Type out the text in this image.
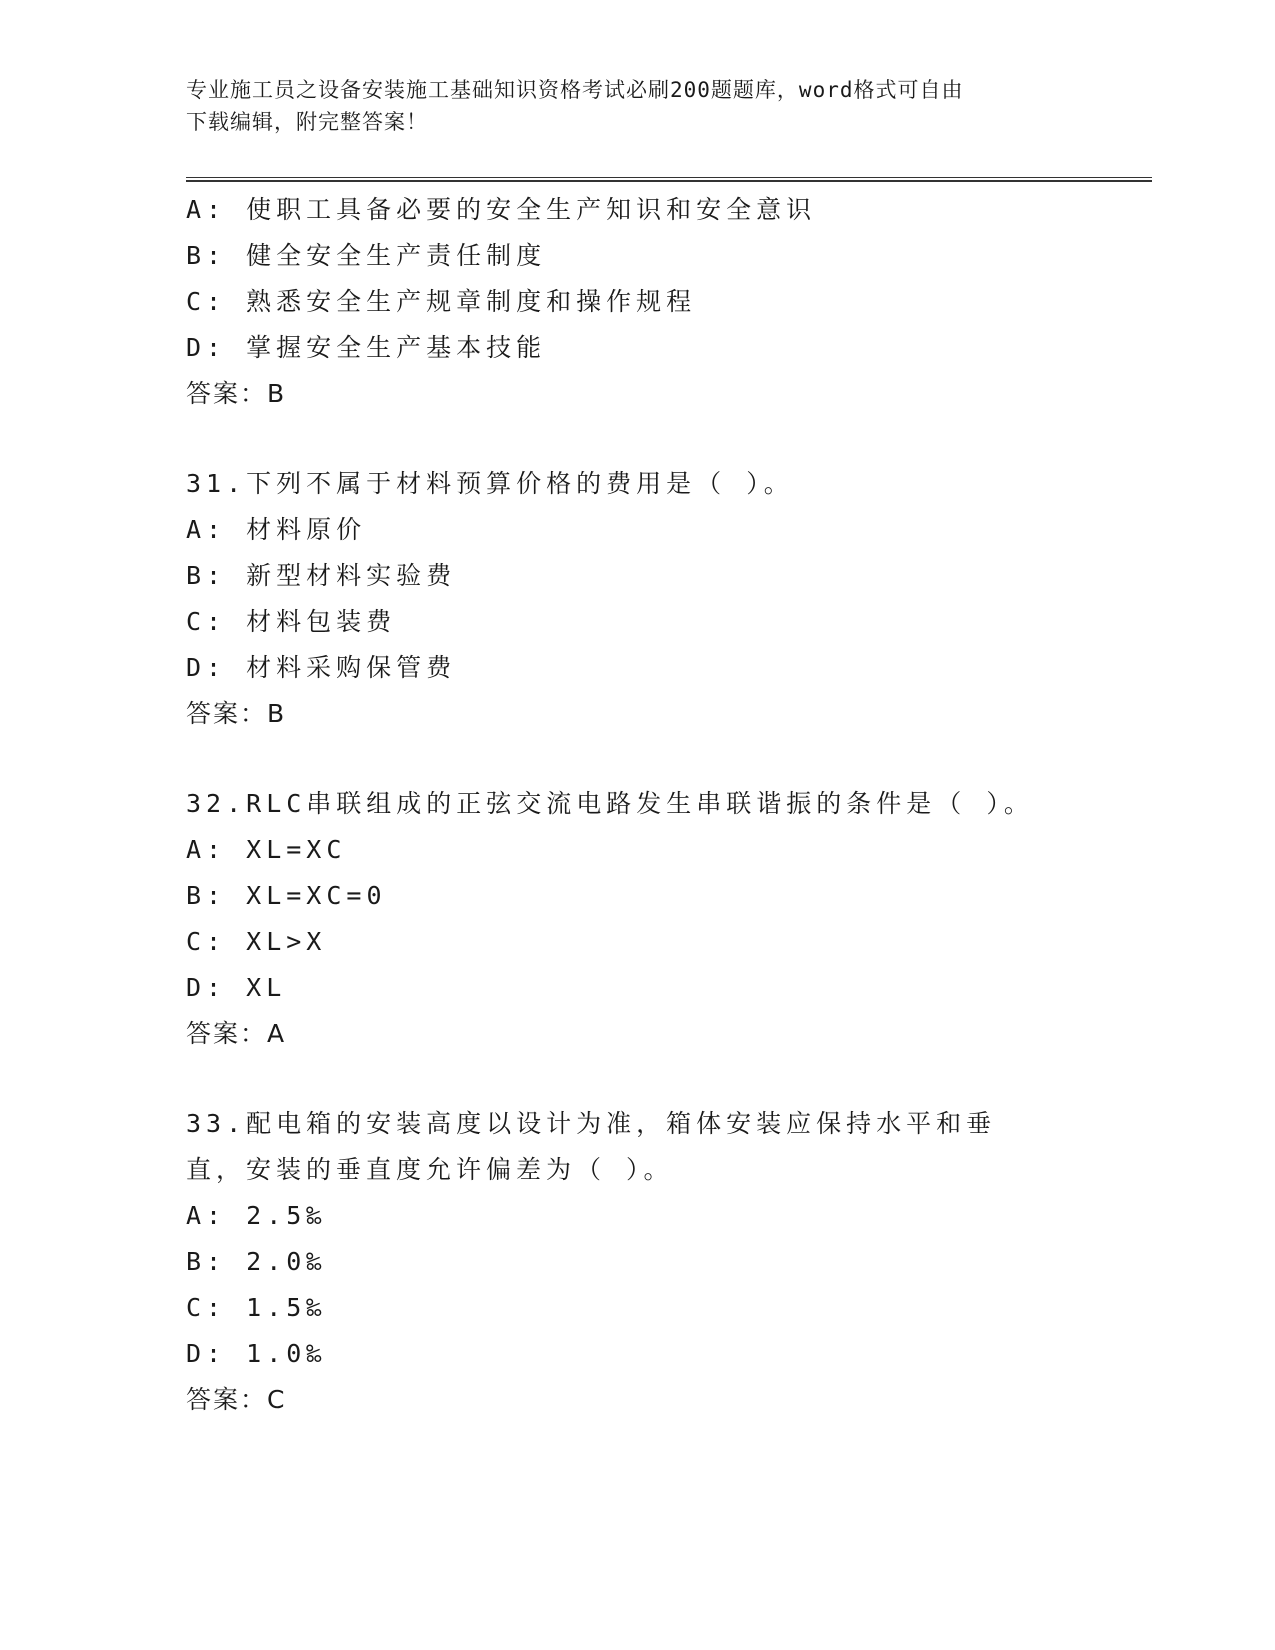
专业施工员之设备安装施工基础知识资格考试必刷200题题库，word格式可自由
下载编辑，附完整答案！
A: 使职工具备必要的安全生产知识和安全意识
B: 健全安全生产责任制度
C: 熟悉安全生产规章制度和操作规程
D: 掌握安全生产基本技能
答案：B
31.下列不属于材料预算价格的费用是（ ）。
A: 材料原价
B: 新型材料实验费
C: 材料包装费
D: 材料采购保管费
答案：B
32.RLC串联组成的正弦交流电路发生串联谐振的条件是（ ）。
A: XL=XC
B: XL=XC=0
C: XL>X
D: XL
答案：A
33.配电箱的安装高度以设计为准，箱体安装应保持水平和垂直，安装的垂直度允许偏差为（ ）。
A: 2.5‰
B: 2.0‰
C: 1.5‰
D: 1.0‰
答案：C
